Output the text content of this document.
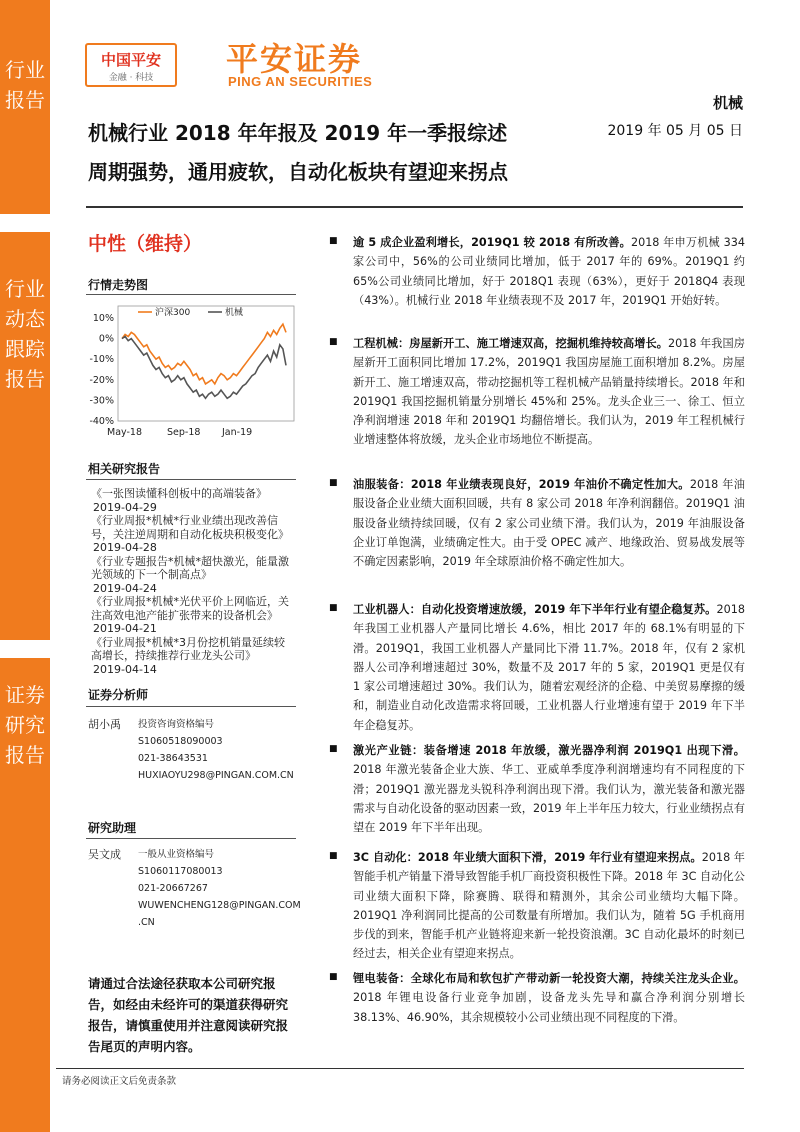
行业报告
行业动态跟踪报告
证券研究报告
中国平安
金融 · 科技	平安证券
PING AN SECURITIES
机械
机械行业 2018 年年报及 2019 年一季报综述	2019 年 05 月 05 日
周期强势，通用疲软，自动化板块有望迎来拐点
中性（维持）
行情走势图
10%
0%
-10%
-20%
-30%
-40%
May-18	Sep-18 Jan-19
沪深300	机械
相关研究报告
《一张图读懂科创板中的高端装备》
2019-04-29
《行业周报*机械*行业业绩出现改善信号，关注逆周期和自动化板块积极变化》
2019-04-28
《行业专题报告*机械*超快激光，能量激光领域的下一个制高点》
2019-04-24
《行业周报*机械*光伏平价上网临近，关注高效电池产能扩张带来的设备机会》
2019-04-21
《行业周报*机械*3月份挖机销量延续较高增长，持续推荐行业龙头公司》
2019-04-14
证券分析师
胡小禹 投资咨询资格编号
S1060518090003
021-38643531
HUXIAOYU298@PINGAN.COM.CN
研究助理
吴文成 一般从业资格编号
S1060117080013
021-20667267
WUWENCHENG128@PINGAN.COM
.CN
请通过合法途径获取本公司研究报告，如经由未经许可的渠道获得研究报告，请慎重使用并注意阅读研究报告尾页的声明内容。
■ 逾 5 成企业盈利增长，2019Q1 较 2018 有所改善。2018 年申万机械 334 家公司中，56%的公司业绩同比增加，低于 2017 年的 69%。2019Q1 约 65%公司业绩同比增加，好于 2018Q1 表现（63%），更好于 2018Q4 表现（43%）。机械行业 2018 年业绩表现不及 2017 年，2019Q1 开始好转。
■ 工程机械：房屋新开工、施工增速双高，挖掘机维持较高增长。2018 年我国房屋新开工面积同比增加 17.2%，2019Q1 我国房屋施工面积增加 8.2%。房屋新开工、施工增速双高，带动挖掘机等工程机械产品销量持续增长。2018 年和 2019Q1 我国挖掘机销量分别增长 45%和 25%。龙头企业三一、徐工、恒立净利润增速 2018 年和 2019Q1 均翻倍增长。我们认为，2019 年工程机械行业增速整体将放缓，龙头企业市场地位不断提高。
■ 油服装备：2018 年业绩表现良好，2019 年油价不确定性加大。2018 年油服设备企业业绩大面积回暖，共有 8 家公司 2018 年净利润翻倍。2019Q1 油服设备业绩持续回暖，仅有 2 家公司业绩下滑。我们认为，2019 年油服设备企业订单饱满，业绩确定性大。由于受 OPEC 减产、地缘政治、贸易战发展等不确定因素影响，2019 年全球原油价格不确定性加大。
■ 工业机器人：自动化投资增速放缓，2019 年下半年行业有望企稳复苏。2018 年我国工业机器人产量同比增长 4.6%，相比 2017 年的 68.1%有明显的下滑。2019Q1，我国工业机器人产量同比下滑 11.7%。2018 年，仅有 2 家机器人公司净利增速超过 30%，数量不及 2017 年的 5 家，2019Q1 更是仅有 1 家公司增速超过 30%。我们认为，随着宏观经济的企稳、中美贸易摩擦的缓和，制造业自动化改造需求将回暖，工业机器人行业增速有望于 2019 年下半年企稳复苏。
■ 激光产业链：装备增速 2018 年放缓，激光器净利润 2019Q1 出现下滑。2018 年激光装备企业大族、华工、亚威单季度净利润增速均有不同程度的下滑；2019Q1 激光器龙头锐科净利润出现下滑。我们认为，激光装备和激光器需求与自动化设备的驱动因素一致，2019 年上半年压力较大，行业业绩拐点有望在 2019 年下半年出现。
■ 3C 自动化：2018 年业绩大面积下滑，2019 年行业有望迎来拐点。2018 年智能手机产销量下滑导致智能手机厂商投资积极性下降。2018 年 3C 自动化公司业绩大面积下降，除赛腾、联得和精测外，其余公司业绩均大幅下降。2019Q1 净利润同比提高的公司数量有所增加。我们认为，随着 5G 手机商用步伐的到来，智能手机产业链将迎来新一轮投资浪潮。3C 自动化最坏的时刻已经过去，相关企业有望迎来拐点。
■ 锂电装备：全球化布局和软包扩产带动新一轮投资大潮，持续关注龙头企业。2018 年锂电设备行业竞争加剧，设备龙头先导和赢合净利润分别增长 38.13%、46.90%，其余规模较小公司业绩出现不同程度的下滑。
请务必阅读正文后免责条款
